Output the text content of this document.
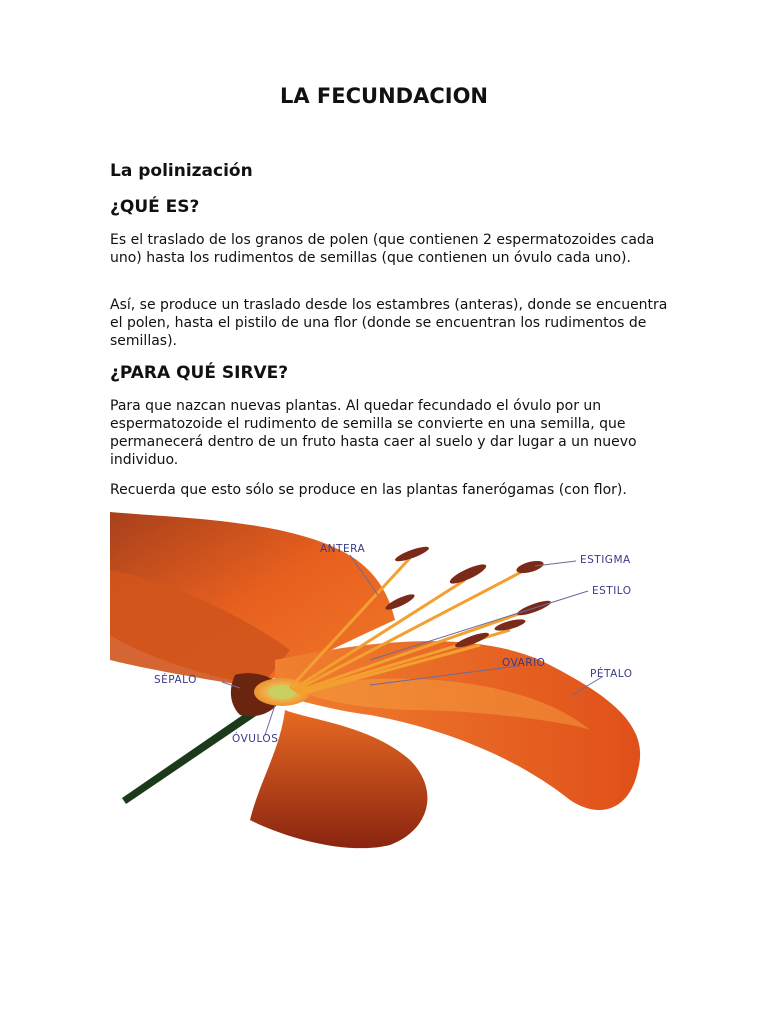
LA FECUNDACION
La polinización
¿QUÉ ES?

Es el traslado de los granos de polen (que contienen 2 espermatozoides cada uno) hasta los rudimentos de semillas (que contienen un óvulo cada uno).

Así, se produce un traslado desde los estambres (anteras), donde se encuentra el polen, hasta el pistilo de una flor (donde se encuentran los rudimentos de semillas).

¿PARA QUÉ SIRVE?

Para que nazcan nuevas plantas. Al quedar fecundado el óvulo por un espermatozoide el rudimento de semilla se convierte en una semilla, que permanecerá dentro de un fruto hasta caer al suelo y dar lugar a un nuevo individuo.

Recuerda que esto sólo se produce en las plantas fanerógamas (con flor).

ANTERA
ESTIGMA
ESTILO
OVARIO
PÉTALO
SÉPALO
ÓVULOS
